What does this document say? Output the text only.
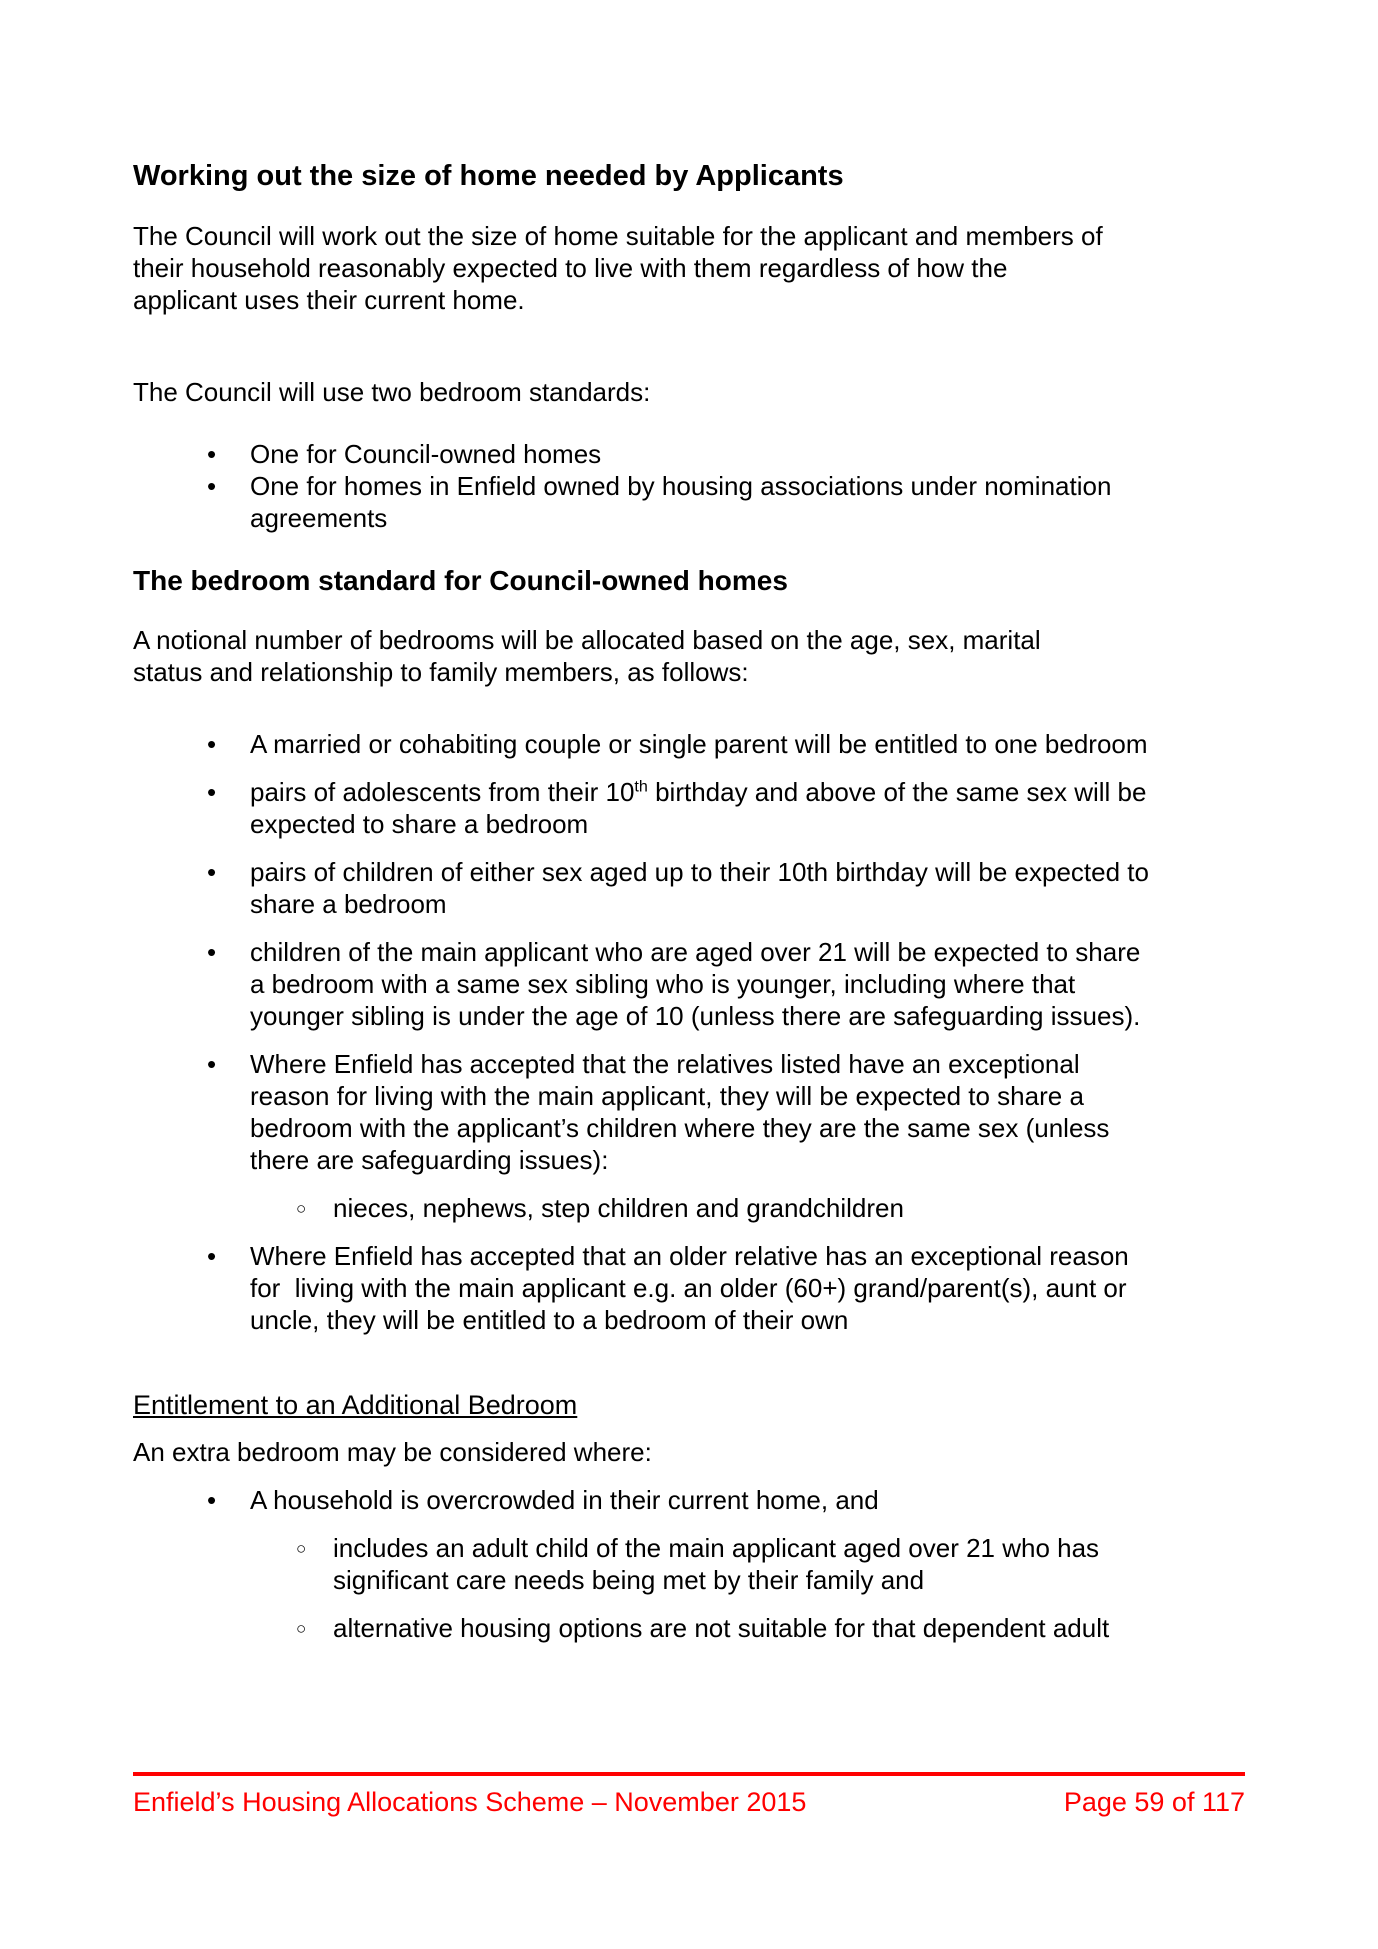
Working out the size of home needed by Applicants
The Council will work out the size of home suitable for the applicant and members of
their household reasonably expected to live with them regardless of how the
applicant uses their current home.
The Council will use two bedroom standards:
• One for Council-owned homes
• One for homes in Enfield owned by housing associations under nomination
agreements
The bedroom standard for Council-owned homes
A notional number of bedrooms will be allocated based on the age, sex, marital
status and relationship to family members, as follows:
• A married or cohabiting couple or single parent will be entitled to one bedroom
• pairs of adolescents from their 10th birthday and above of the same sex will be
expected to share a bedroom
• pairs of children of either sex aged up to their 10th birthday will be expected to
share a bedroom
• children of the main applicant who are aged over 21 will be expected to share
a bedroom with a same sex sibling who is younger, including where that
younger sibling is under the age of 10 (unless there are safeguarding issues).
• Where Enfield has accepted that the relatives listed have an exceptional
reason for living with the main applicant, they will be expected to share a
bedroom with the applicant’s children where they are the same sex (unless
there are safeguarding issues):
○ nieces, nephews, step children and grandchildren
• Where Enfield has accepted that an older relative has an exceptional reason
for  living with the main applicant e.g. an older (60+) grand/parent(s), aunt or
uncle, they will be entitled to a bedroom of their own
Entitlement to an Additional Bedroom
An extra bedroom may be considered where:
• A household is overcrowded in their current home, and
○ includes an adult child of the main applicant aged over 21 who has
significant care needs being met by their family and
○ alternative housing options are not suitable for that dependent adult
Enfield’s Housing Allocations Scheme – November 2015	Page 59 of 117
